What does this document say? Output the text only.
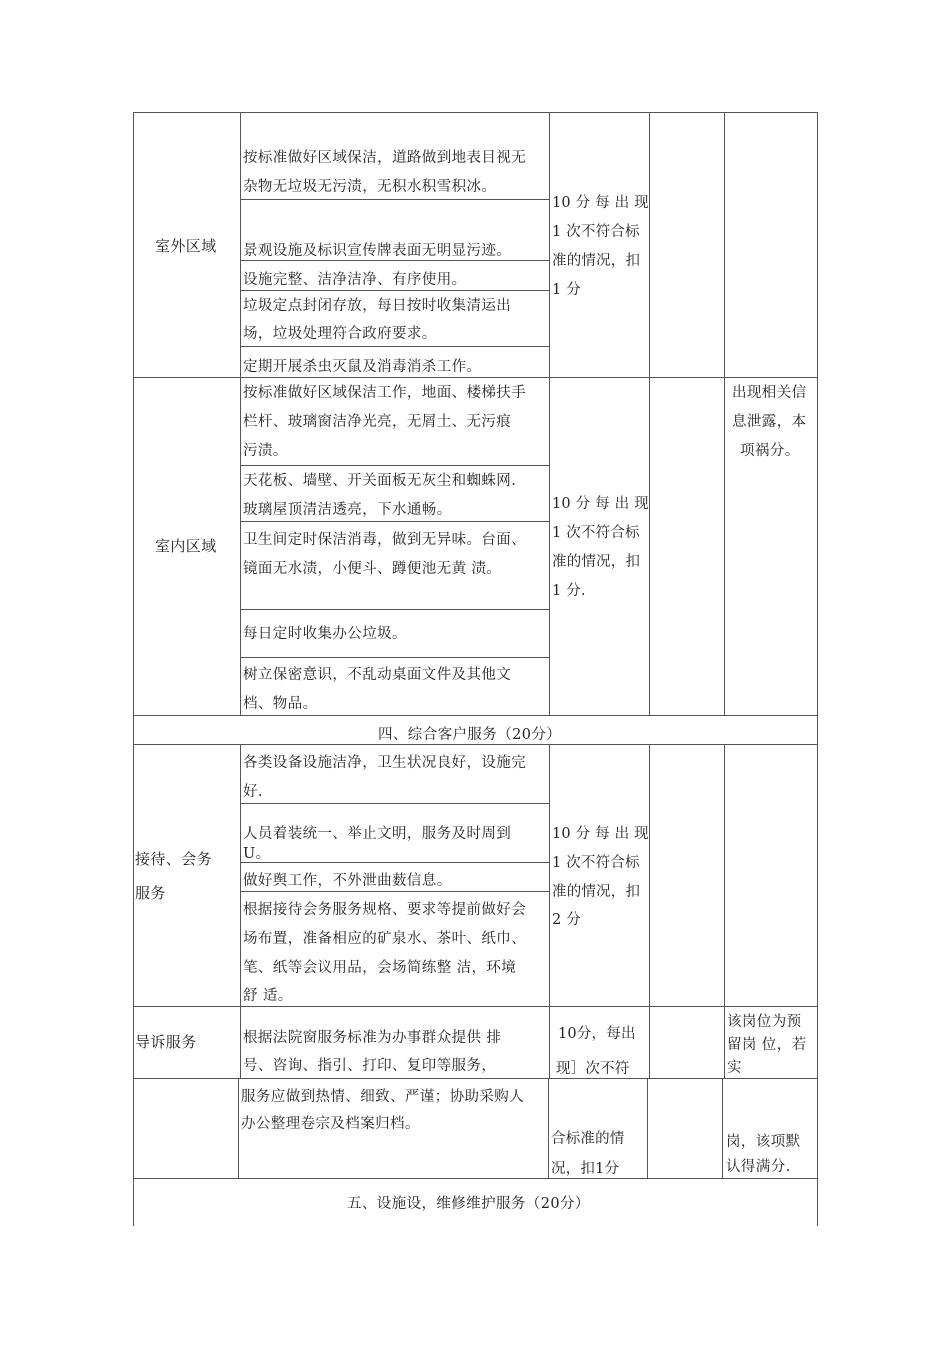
室外区域
按标准做好区域保洁，道路做到地表目视无
杂物无垃圾无污渍，无积水积雪积冰。
景观设施及标识宣传牌表面无明显污迹。
设施完整、洁净洁净、有序使用。
垃圾定点封闭存放，每日按时收集清运出
场，垃圾处理符合政府要求。
定期开展杀虫灭鼠及消毒消杀工作。
10 分 每 出 现
1 次不符合标
准的情况，扣
1 分
室内区域
按标准做好区域保洁工作，地面、楼梯扶手
栏杆、玻璃窗洁净光亮，无屑土、无污痕
污渍。
天花板、墙壁、开关面板无灰尘和蜘蛛网.
玻璃屋顶清洁透亮，下水通畅。
卫生间定时保洁消毒，做到无异味。台面、
镜面无水渍，小便斗、蹲便池无黄 渍。
每日定时收集办公垃圾。
树立保密意识，不乱动桌面文件及其他文
档、物品。
10 分 每 出 现
1 次不符合标
准的情况，扣
1 分.
出现相关信
息泄露，本
项祸分。
四、综合客户服务（20分）
接待、会务
服务
各类设备设施洁净，卫生状况良好，设施完
好.
人员着装统一、举止文明，服务及时周到
U。
做好舆工作，不外泄曲薮信息。
根据接待会务服务规格、要求等提前做好会
场布置，准备相应的矿泉水、茶叶、纸巾、
笔、纸等会议用品，会场简练整 洁，环境
舒 适。
10 分 每 出 现
1 次不符合标
准的情况，扣
2 分
导诉服务	根据法院窗服务标准为办事群众提供 排
号、咨询、指引、打印、复印等服务，
10分，每出
现］次不符
该岗位为预
留岗 位，若
实
服务应做到热情、细致、严谨；协助采购人
办公整理卷宗及档案归档。
合标准的情
况，扣1分
岗，该项默
认得满分.
五、设施设，维修维护服务（20分）
